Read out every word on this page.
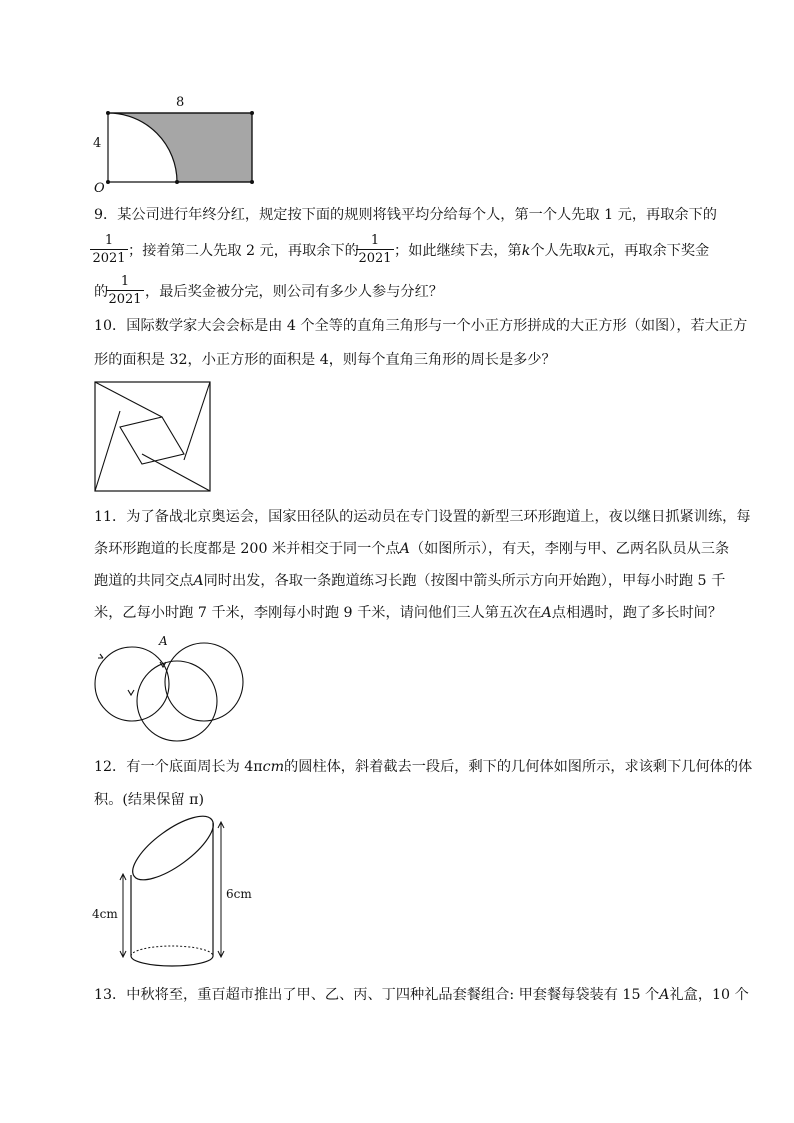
8
4
O
9．某公司进行年终分红，规定按下面的规则将钱平均分给每个人，第一个人先取 1 元，再取余下的
1
2021 ；接着第二人先取 2 元，再取余下的
1
2021 ；如此继续下去，第k个人先取k元，再取余下奖金
的
1
2021 ，最后奖金被分完，则公司有多少人参与分红？
10．国际数学家大会会标是由 4 个全等的直角三角形与一个小正方形拼成的大正方形（如图），若大正方
形的面积是 32，小正方形的面积是 4，则每个直角三角形的周长是多少？
11．为了备战北京奥运会，国家田径队的运动员在专门设置的新型三环形跑道上，夜以继日抓紧训练，每
条环形跑道的长度都是 200 米并相交于同一个点A（如图所示），有天，李刚与甲、乙两名队员从三条
跑道的共同交点A同时出发，各取一条跑道练习长跑（按图中箭头所示方向开始跑），甲每小时跑 5 千
米，乙每小时跑 7 千米，李刚每小时跑 9 千米，请问他们三人第五次在A点相遇时，跑了多长时间？
A
12．有一个底面周长为 4πcm的圆柱体，斜着截去一段后，剩下的几何体如图所示，求该剩下几何体的体
积。(结果保留 π)
4cm
6cm
13．中秋将至，重百超市推出了甲、乙、丙、丁四种礼品套餐组合: 甲套餐每袋装有 15 个A礼盒，10 个
